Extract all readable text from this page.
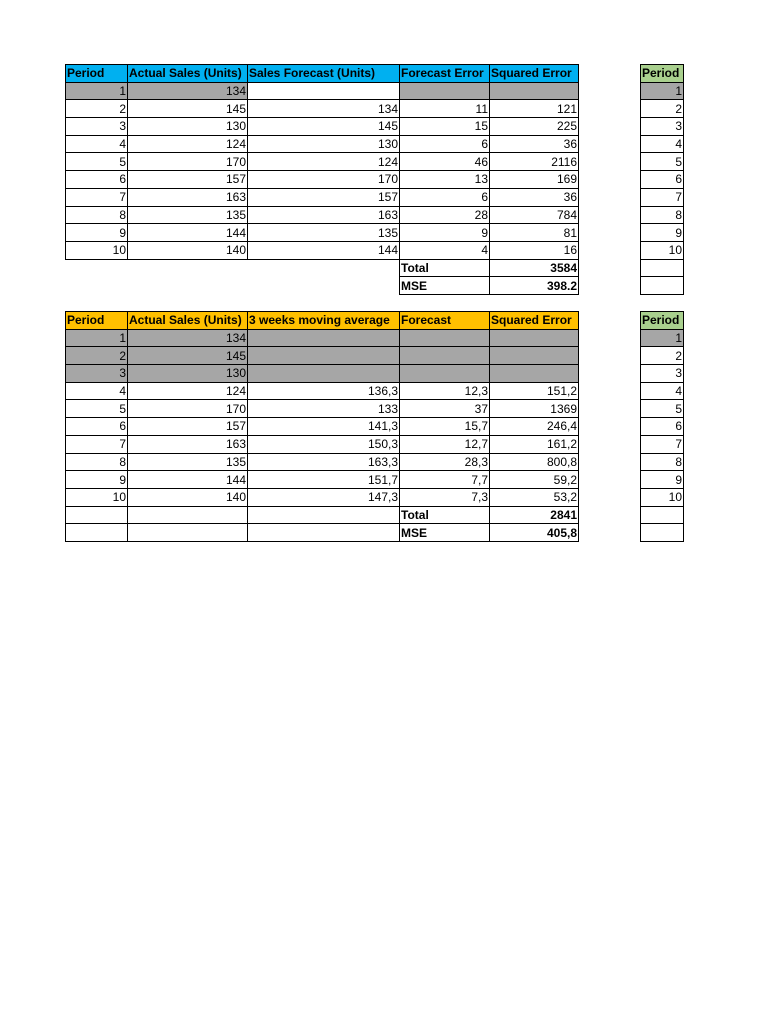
Period	Actual Sales (Units)	Sales Forecast (Units)	Forecast Error	Squared Error
1	134			
2	145	134	11	121
3	130	145	15	225
4	124	130	6	36
5	170	124	46	2116
6	157	170	13	169
7	163	157	6	36
8	135	163	28	784
9	144	135	9	81
10	140	144	4	16
			Total	3584
			MSE	398.2
Period
1
2
3
4
5
6
7
8
9
10

Period	Actual Sales (Units)	3 weeks moving average	Forecast	Squared Error
1	134			
2	145			
3	130			
4	124	136,3	12,3	151,2
5	170	133	37	1369
6	157	141,3	15,7	246,4
7	163	150,3	12,7	161,2
8	135	163,3	28,3	800,8
9	144	151,7	7,7	59,2
10	140	147,3	7,3	53,2
			Total	2841
			MSE	405,8
Period
1
2
3
4
5
6
7
8
9
10
